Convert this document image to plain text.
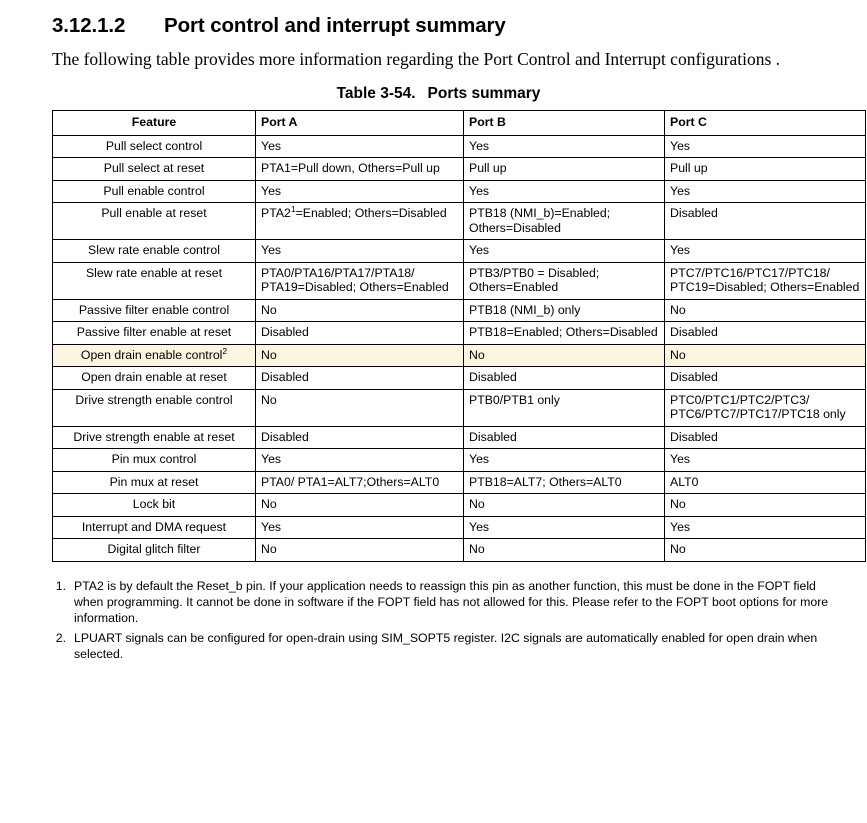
3.12.1.2 Port control and interrupt summary

The following table provides more information regarding the Port Control and Interrupt configurations .

Table 3-54. Ports summary
Feature	Port A	Port B	Port C
Pull select control	Yes	Yes	Yes
Pull select at reset	PTA1=Pull down, Others=Pull up	Pull up	Pull up
Pull enable control	Yes	Yes	Yes
Pull enable at reset	$PTA2^1=Enabled$; Others=Disabled	PTB18 (NMI_b)=Enabled; Others=Disabled	Disabled
Slew rate enable control	Yes	Yes	Yes
Slew rate enable at reset	PTA0/PTA16/PTA17/PTA18/ PTA19=Disabled; Others=Enabled	PTB3/PTB0 = Disabled; Others=Enabled	PTC7/PTC16/PTC17/PTC18/ PTC19=Disabled; Others=Enabled
Passive filter enable control	No	PTB18 (NMI_b) only	No
Passive filter enable at reset	Disabled	PTB18=Enabled; Others=Disabled	Disabled
Open drain enable control$^2$	No	No	No
Open drain enable at reset	Disabled	Disabled	Disabled
Drive strength enable control	No	PTB0/PTB1 only	PTC0/PTC1/PTC2/PTC3/ PTC6/PTC7/PTC17/PTC18 only
Drive strength enable at reset	Disabled	Disabled	Disabled
Pin mux control	Yes	Yes	Yes
Pin mux at reset	PTA0/ PTA1=ALT7;Others=ALT0	PTB18=ALT7; Others=ALT0	ALT0
Lock bit	No	No	No
Interrupt and DMA request	Yes	Yes	Yes
Digital glitch filter	No	No	No
1. PTA2 is by default the Reset_b pin. If your application needs to reassign this pin as another function, this must be done in the FOPT field when programming. It cannot be done in software if the FOPT field has not allowed for this. Please refer to the FOPT boot options for more information.
2. LPUART signals can be configured for open-drain using SIM_SOPT5 register. I2C signals are automatically enabled for open drain when selected.
